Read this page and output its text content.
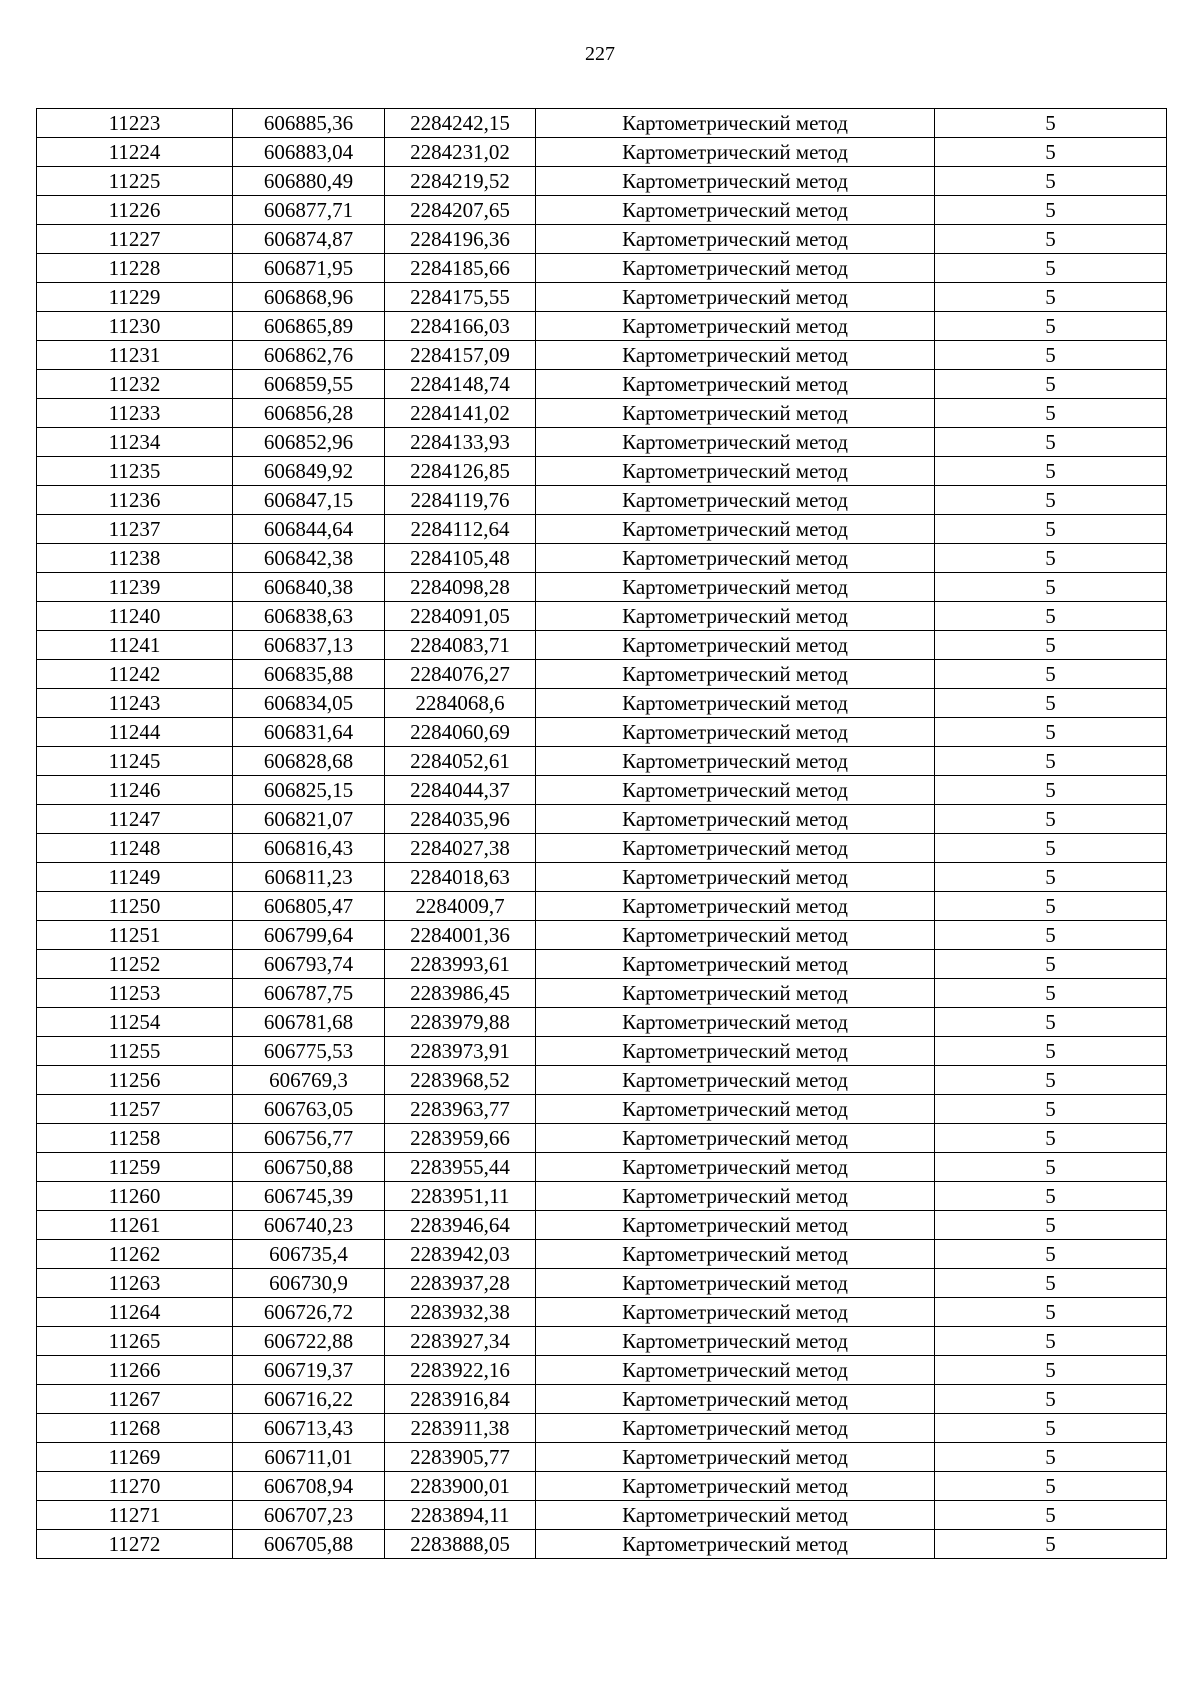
227
11223	606885,36	2284242,15	Картометрический метод	5
11224	606883,04	2284231,02	Картометрический метод	5
11225	606880,49	2284219,52	Картометрический метод	5
11226	606877,71	2284207,65	Картометрический метод	5
11227	606874,87	2284196,36	Картометрический метод	5
11228	606871,95	2284185,66	Картометрический метод	5
11229	606868,96	2284175,55	Картометрический метод	5
11230	606865,89	2284166,03	Картометрический метод	5
11231	606862,76	2284157,09	Картометрический метод	5
11232	606859,55	2284148,74	Картометрический метод	5
11233	606856,28	2284141,02	Картометрический метод	5
11234	606852,96	2284133,93	Картометрический метод	5
11235	606849,92	2284126,85	Картометрический метод	5
11236	606847,15	2284119,76	Картометрический метод	5
11237	606844,64	2284112,64	Картометрический метод	5
11238	606842,38	2284105,48	Картометрический метод	5
11239	606840,38	2284098,28	Картометрический метод	5
11240	606838,63	2284091,05	Картометрический метод	5
11241	606837,13	2284083,71	Картометрический метод	5
11242	606835,88	2284076,27	Картометрический метод	5
11243	606834,05	2284068,6	Картометрический метод	5
11244	606831,64	2284060,69	Картометрический метод	5
11245	606828,68	2284052,61	Картометрический метод	5
11246	606825,15	2284044,37	Картометрический метод	5
11247	606821,07	2284035,96	Картометрический метод	5
11248	606816,43	2284027,38	Картометрический метод	5
11249	606811,23	2284018,63	Картометрический метод	5
11250	606805,47	2284009,7	Картометрический метод	5
11251	606799,64	2284001,36	Картометрический метод	5
11252	606793,74	2283993,61	Картометрический метод	5
11253	606787,75	2283986,45	Картометрический метод	5
11254	606781,68	2283979,88	Картометрический метод	5
11255	606775,53	2283973,91	Картометрический метод	5
11256	606769,3	2283968,52	Картометрический метод	5
11257	606763,05	2283963,77	Картометрический метод	5
11258	606756,77	2283959,66	Картометрический метод	5
11259	606750,88	2283955,44	Картометрический метод	5
11260	606745,39	2283951,11	Картометрический метод	5
11261	606740,23	2283946,64	Картометрический метод	5
11262	606735,4	2283942,03	Картометрический метод	5
11263	606730,9	2283937,28	Картометрический метод	5
11264	606726,72	2283932,38	Картометрический метод	5
11265	606722,88	2283927,34	Картометрический метод	5
11266	606719,37	2283922,16	Картометрический метод	5
11267	606716,22	2283916,84	Картометрический метод	5
11268	606713,43	2283911,38	Картометрический метод	5
11269	606711,01	2283905,77	Картометрический метод	5
11270	606708,94	2283900,01	Картометрический метод	5
11271	606707,23	2283894,11	Картометрический метод	5
11272	606705,88	2283888,05	Картометрический метод	5
